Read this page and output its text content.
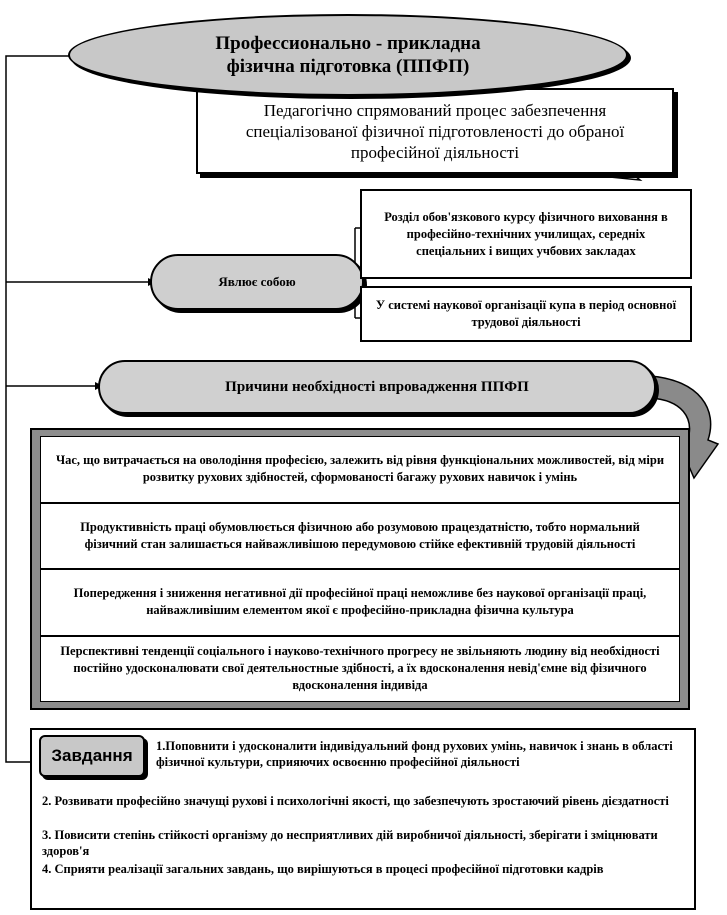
Педагогічно спрямований процес забезпечення спеціалізованої фізичної підготовленості до обраної професійної діяльності
Професcионально - прикладна
фізична підготовка (ППФП)
Явлює собою
Розділ обов'язкового курсу фізичного виховання в професійно-технічних училищах, середніх спеціальних і вищих учбових закладах
У системі наукової організації купа в період основної трудової діяльності
Причини необхідності впровадження ППФП
Час, що витрачається на оволодіння професією, залежить від рівня функціональних можливостей, від міри розвитку рухових здібностей, сформованості багажу рухових навичок і умінь
Продуктивність праці обумовлюється фізичною або розумовою працездатністю, тобто нормальний фізичний стан залишається найважливішою передумовою стійке ефективній трудовій діяльності
Попередження і зниження негативної дії професійної праці неможливе без наукової організації праці, найважливішим елементом якої є професійно-прикладна фізична культура
Перспективні тенденції соціального і науково-технічного прогресу не звільняють людину від необхідності постійно удосконалювати свої деятельностные здібності, а їх вдосконалення невід'ємне від фізичного вдосконалення індивіда
Завдання 1.Поповнити і удосконалити індивідуальний фонд рухових умінь, навичок і знань в області фізичної культури, сприяючих освоєнню професійної діяльності
2. Розвивати професійно значущі рухові і психологічні якості, що забезпечують зростаючий рівень дієздатності
3. Повисити степінь стійкості організму до несприятливих дій виробничої діяльності, зберігати і зміцнювати здоров'я
4. Сприяти реалізації загальних завдань, що вирішуються в процесі професійної підготовки кадрів
